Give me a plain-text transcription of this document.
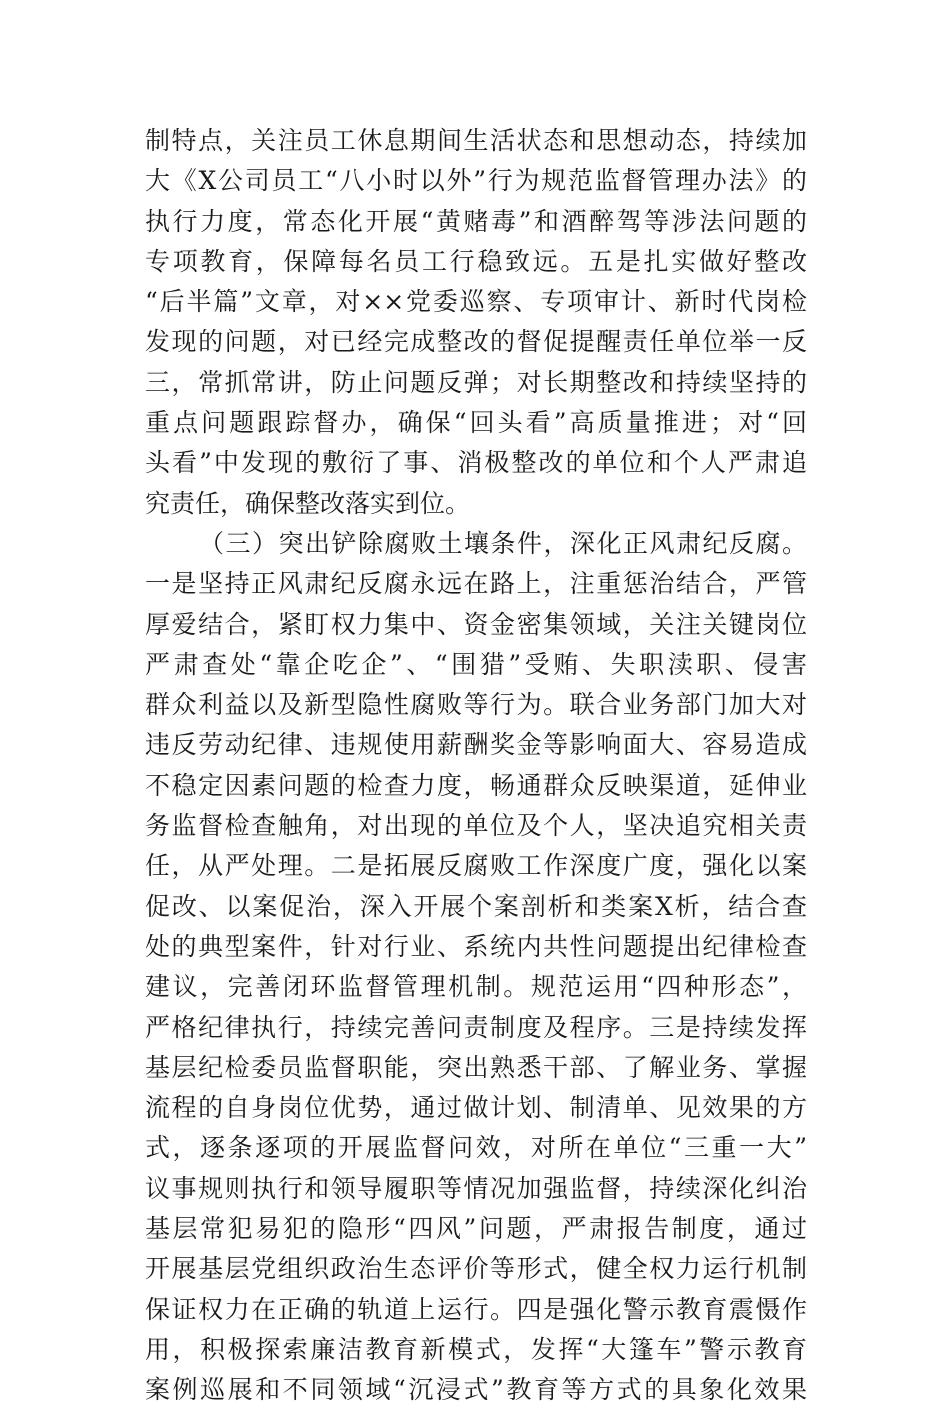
制特点，关注员工休息期间生活状态和思想动态，持续加
大《X公司员工“八小时以外”行为规范监督管理办法》的
执行力度，常态化开展“黄赌毒”和酒醉驾等涉法问题的
专项教育，保障每名员工行稳致远。五是扎实做好整改
“后半篇”文章，对××党委巡察、专项审计、新时代岗检
发现的问题，对已经完成整改的督促提醒责任单位举一反
三，常抓常讲，防止问题反弹；对长期整改和持续坚持的
重点问题跟踪督办，确保“回头看”高质量推进；对“回
头看”中发现的敷衍了事、消极整改的单位和个人严肃追
究责任，确保整改落实到位。
（三）突出铲除腐败土壤条件，深化正风肃纪反腐。
一是坚持正风肃纪反腐永远在路上，注重惩治结合，严管
厚爱结合，紧盯权力集中、资金密集领域，关注关键岗位
严肃查处“靠企吃企”、“围猎”受贿、失职渎职、侵害
群众利益以及新型隐性腐败等行为。联合业务部门加大对
违反劳动纪律、违规使用薪酬奖金等影响面大、容易造成
不稳定因素问题的检查力度，畅通群众反映渠道，延伸业
务监督检查触角，对出现的单位及个人，坚决追究相关责
任，从严处理。二是拓展反腐败工作深度广度，强化以案
促改、以案促治，深入开展个案剖析和类案X析，结合查
处的典型案件，针对行业、系统内共性问题提出纪律检查
建议，完善闭环监督管理机制。规范运用“四种形态”，
严格纪律执行，持续完善问责制度及程序。三是持续发挥
基层纪检委员监督职能，突出熟悉干部、了解业务、掌握
流程的自身岗位优势，通过做计划、制清单、见效果的方
式，逐条逐项的开展监督问效，对所在单位“三重一大”
议事规则执行和领导履职等情况加强监督，持续深化纠治
基层常犯易犯的隐形“四风”问题，严肃报告制度，通过
开展基层党组织政治生态评价等形式，健全权力运行机制
保证权力在正确的轨道上运行。四是强化警示教育震慑作
用，积极探索廉洁教育新模式，发挥“大篷车”警示教育
案例巡展和不同领域“沉浸式”教育等方式的具象化效果
